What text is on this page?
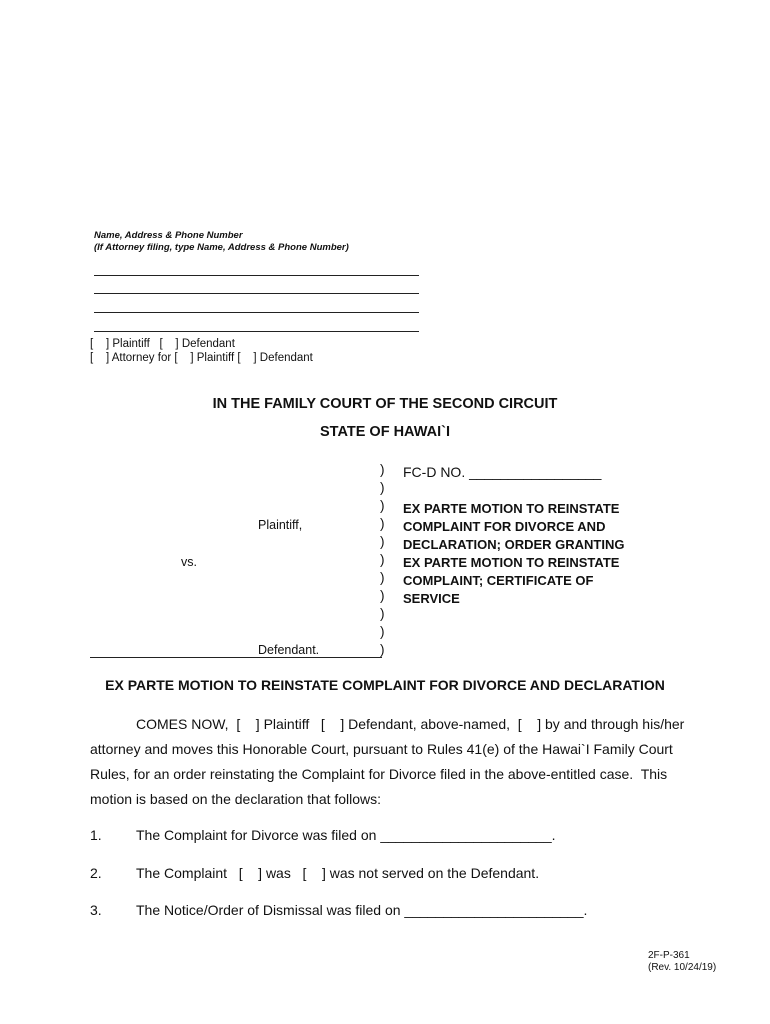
Name, Address & Phone Number
(If Attorney filing, type Name, Address & Phone Number)
[    ] Plaintiff   [    ] Defendant
[    ] Attorney for [    ] Plaintiff [    ] Defendant
IN THE FAMILY COURT OF THE SECOND CIRCUIT
STATE OF HAWAI`I
)
)
)
)
)
)
)
)
)
)
)
Plaintiff,
vs.
Defendant.
FC-D NO. _________________
EX PARTE MOTION TO REINSTATE
COMPLAINT FOR DIVORCE AND
DECLARATION; ORDER GRANTING
EX PARTE MOTION TO REINSTATE
COMPLAINT; CERTIFICATE OF
SERVICE
EX PARTE MOTION TO REINSTATE COMPLAINT FOR DIVORCE AND DECLARATION
COMES NOW,  [    ] Plaintiff   [    ] Defendant, above-named,  [    ] by and through his/her
attorney and moves this Honorable Court, pursuant to Rules 41(e) of the Hawai`I Family Court
Rules, for an order reinstating the Complaint for Divorce filed in the above-entitled case.  This
motion is based on the declaration that follows:
1. The Complaint for Divorce was filed on ______________________.
2. The Complaint   [    ] was   [    ] was not served on the Defendant.
3. The Notice/Order of Dismissal was filed on _______________________.
2F-P-361
(Rev. 10/24/19)
